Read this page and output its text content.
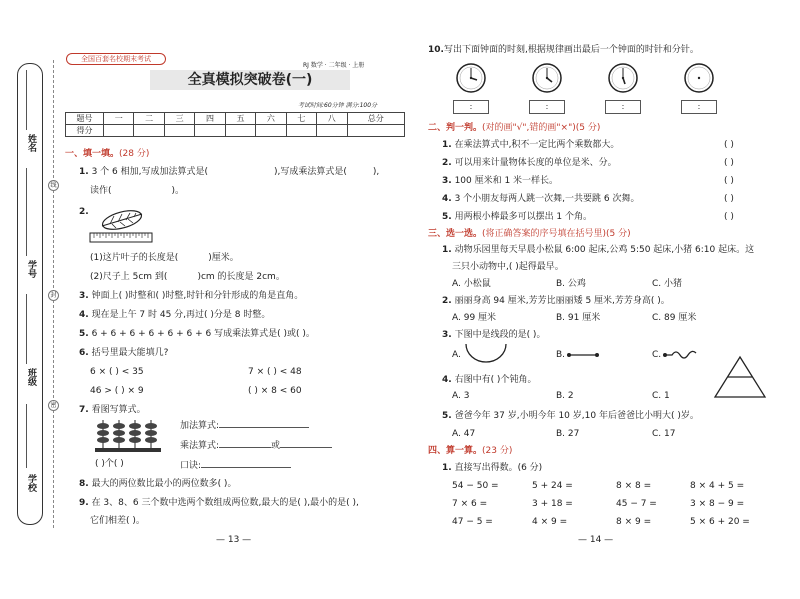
姓名
学号
班级
学校
线
封
密
全国百套名校期末考试
RJ 数学 · 二年级 · 上册
全真模拟突破卷(一)
考试时间:60分钟 满分:100分
题号	一	二	三	四	五	六	七	八	总分
得分									
一、填一填。(28 分)
1. 3 个 6 相加,写成加法算式是(	),写成乘法算式是(	),
读作(	)。
2.
(1)这片叶子的长度是(	)厘米。
(2)尺子上 5cm 到(	)cm 的长度是 2cm。
3. 钟面上( )时整和( )时整,时针和分针形成的角是直角。
4. 现在是上午 7 时 45 分,再过( )分是 8 时整。
5. 6 + 6 + 6 + 6 + 6 + 6 + 6 写成乘法算式是( )或( )。
6. 括号里最大能填几?
6 × ( ) < 35	7 × ( ) < 48
46 > ( ) × 9	( ) × 8 < 60
7. 看图写算式。
( )个( )
加法算式:
乘法算式:	或
口诀:
8. 最大的两位数比最小的两位数多( )。
9. 在 3、8、6 三个数中选两个数组成两位数,最大的是( ),最小的是( ),
它们相差( )。
— 13 —
10.写出下面钟面的时刻,根据规律画出最后一个钟面的时针和分针。
:	:	:	:
二、判一判。(对的画"√",错的画"×")(5 分)
1. 在乘法算式中,积不一定比两个乘数都大。	( )
2. 可以用来计量物体长度的单位是米、分。	( )
3. 100 厘米和 1 米一样长。	( )
4. 3 个小朋友每两人跳一次舞,一共要跳 6 次舞。	( )
5. 用两根小棒最多可以摆出 1 个角。	( )
三、选一选。(将正确答案的序号填在括号里)(5 分)
1. 动物乐园里每天早晨小松鼠 6:00 起床,公鸡 5:50 起床,小猪 6:10 起床。这
三只小动物中,( )起得最早。
A. 小松鼠	B. 公鸡	C. 小猪
2. 丽丽身高 94 厘米,芳芳比丽丽矮 5 厘米,芳芳身高( )。
A. 99 厘米	B. 91 厘米	C. 89 厘米
3. 下图中是线段的是( )。
A.	B.	C.
4. 右图中有( )个钝角。
A. 3	B. 2	C. 1
5. 爸爸今年 37 岁,小明今年 10 岁,10 年后爸爸比小明大( )岁。
A. 47	B. 27	C. 17
四、算一算。(23 分)
1. 直接写出得数。(6 分)
54 − 50 =	5 + 24 =	8 × 8 =	8 × 4 + 5 =
7 × 6 =	3 + 18 =	45 − 7 =	3 × 8 − 9 =
47 − 5 =	4 × 9 =	8 × 9 =	5 × 6 + 20 =
— 14 —
